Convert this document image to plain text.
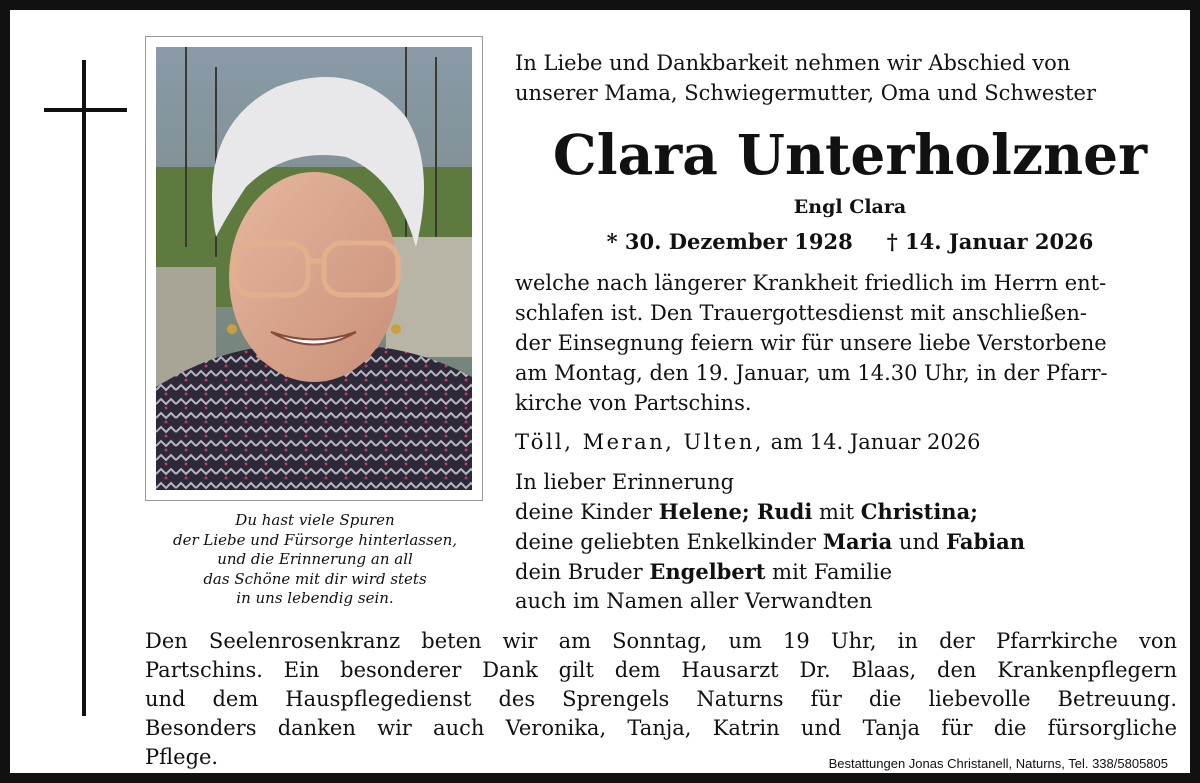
Du hast viele Spuren
der Liebe und Fürsorge hinterlassen,
und die Erinnerung an all
das Schöne mit dir wird stets
in uns lebendig sein.
In Liebe und Dankbarkeit nehmen wir Abschied von
unserer Mama, Schwiegermutter, Oma und Schwester
Clara Unterholzner
Engl Clara
* 30. Dezember 1928 † 14. Januar 2026
welche nach längerer Krankheit friedlich im Herrn ent-
schlafen ist. Den Trauergottesdienst mit anschließen-
der Einsegnung feiern wir für unsere liebe Verstorbene
am Montag, den 19. Januar, um 14.30 Uhr, in der Pfarr-
kirche von Partschins.
Töll, Meran, Ulten, am 14. Januar 2026
In lieber Erinnerung
deine Kinder Helene; Rudi mit Christina;
deine geliebten Enkelkinder Maria und Fabian
dein Bruder Engelbert mit Familie
auch im Namen aller Verwandten
Den Seelenrosenkranz beten wir am Sonntag, um 19 Uhr, in der Pfarrkirche von
Partschins. Ein besonderer Dank gilt dem Hausarzt Dr. Blaas, den Krankenpflegern
und dem Hauspflegedienst des Sprengels Naturns für die liebevolle Betreuung.
Besonders danken wir auch Veronika, Tanja, Katrin und Tanja für die fürsorgliche
Pflege.	Bestattungen Jonas Christanell, Naturns, Tel. 338/5805805
